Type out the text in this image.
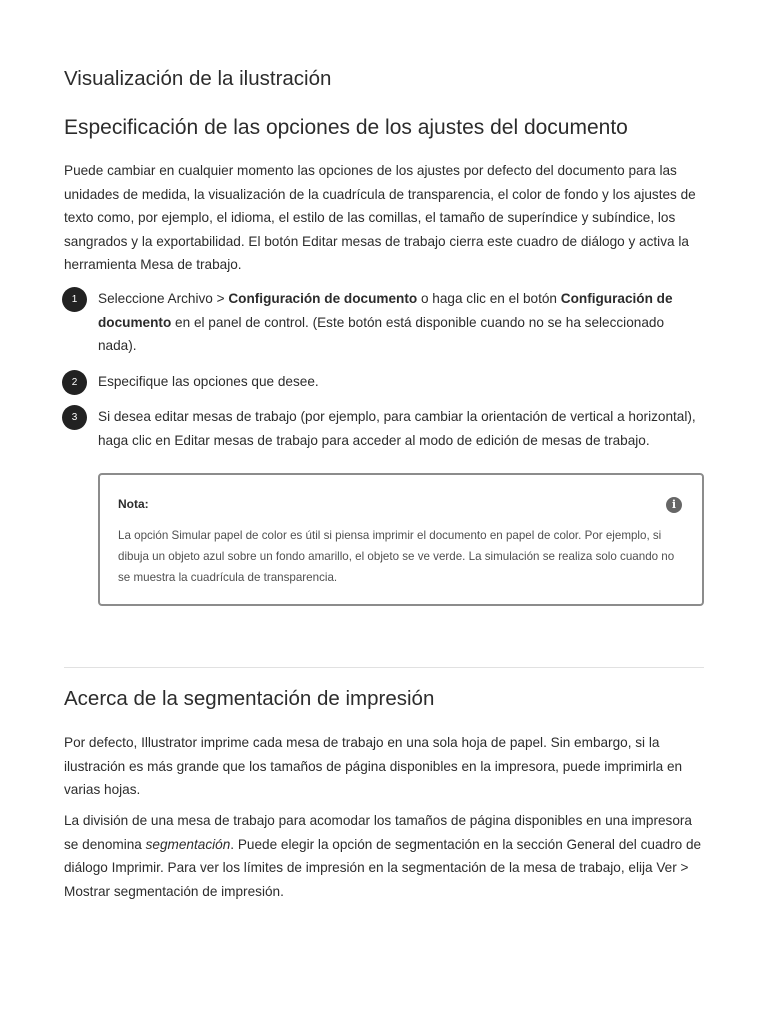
Visualización de la ilustración
Especificación de las opciones de los ajustes del documento

Puede cambiar en cualquier momento las opciones de los ajustes por defecto del documento para las unidades de medida, la visualización de la cuadrícula de transparencia, el color de fondo y los ajustes de texto como, por ejemplo, el idioma, el estilo de las comillas, el tamaño de superíndice y subíndice, los sangrados y la exportabilidad. El botón Editar mesas de trabajo cierra este cuadro de diálogo y activa la herramienta Mesa de trabajo.

1	Seleccione Archivo > Configuración de documento o haga clic en el botón Configuración de documento en el panel de control. (Este botón está disponible cuando no se ha seleccionado nada).
2	Especifique las opciones que desee.
3	Si desea editar mesas de trabajo (por ejemplo, para cambiar la orientación de vertical a horizontal), haga clic en Editar mesas de trabajo para acceder al modo de edición de mesas de trabajo.
Nota:	i
La opción Simular papel de color es útil si piensa imprimir el documento en papel de color. Por ejemplo, si dibuja un objeto azul sobre un fondo amarillo, el objeto se ve verde. La simulación se realiza solo cuando no se muestra la cuadrícula de transparencia.
Acerca de la segmentación de impresión

Por defecto, Illustrator imprime cada mesa de trabajo en una sola hoja de papel. Sin embargo, si la ilustración es más grande que los tamaños de página disponibles en la impresora, puede imprimirla en varias hojas.

La división de una mesa de trabajo para acomodar los tamaños de página disponibles en una impresora se denomina segmentación. Puede elegir la opción de segmentación en la sección General del cuadro de diálogo Imprimir. Para ver los límites de impresión en la segmentación de la mesa de trabajo, elija Ver > Mostrar segmentación de impresión.
